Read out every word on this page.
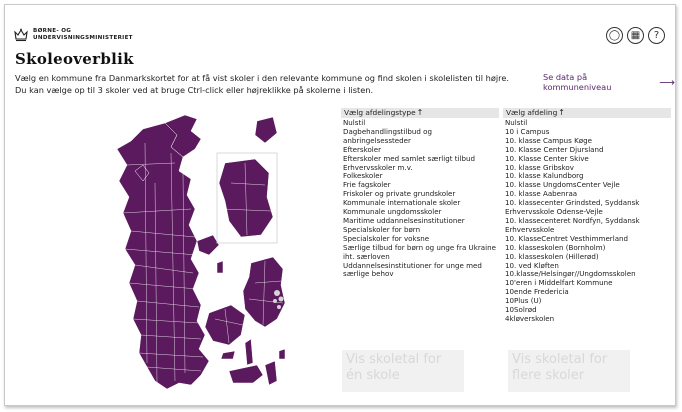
BØRNE- OG
UNDERVISNINGSMINISTERIET	◯	▦	?
Skoleoverblik
Vælg en kommune fra Danmarkskortet for at få vist skoler i den relevante kommune og find skolen i skolelisten til højre.
Du kan vælge op til 3 skoler ved at bruge Ctrl-click eller højreklikke på skolerne i listen.
Se data på kommuneniveau	⟶
Vælg afdelingstype ↑
Nulstil
Dagbehandlingstilbud og anbringelsessteder
Efterskoler
Efterskoler med samlet særligt tilbud
Erhvervsskoler m.v.
Folkeskoler
Frie fagskoler
Friskoler og private grundskoler
Kommunale internationale skoler
Kommunale ungdomsskoler
Maritime uddannelsesinstitutioner
Specialskoler for børn
Specialskoler for voksne
Særlige tilbud for børn og unge fra Ukraine iht. særloven
Uddannelsesinstitutioner for unge med særlige behov
Vælg afdeling ↑
Nulstil
10 i Campus
10. klasse Campus Køge
10. Klasse Center Djursland
10. Klasse Center Skive
10. klasse Gribskov
10. klasse Kalundborg
10. klasse UngdomsCenter Vejle
10. klasse Aabenraa
10. klassecenter Grindsted, Syddansk Erhvervsskole Odense-Vejle
10. klassecenteret Nordfyn, Syddansk Erhvervsskole
10. KlasseCentret Vesthimmerland
10. klasseskolen (Bornholm)
10. klasseskolen (Hillerød)
10. ved Kløften
10.klasse/Helsingør//Ungdomsskolen
10'eren i Middelfart Kommune
10ende Fredericia
10Plus (U)
10Solrød
4kløverskolen
Vis skoletal for én skole
Vis skoletal for flere skoler
